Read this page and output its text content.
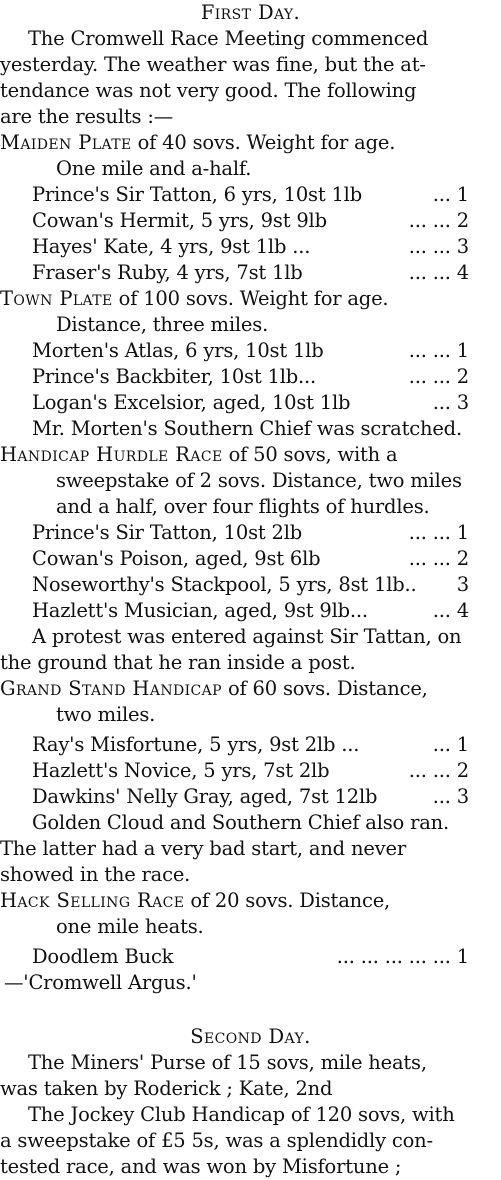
First Day.
The Cromwell Race Meeting commenced
yesterday. The weather was fine, but the at-
tendance was not very good. The following
are the results :—
Maiden Plate of 40 sovs. Weight for age.
One mile and a-half.
Prince's Sir Tatton, 6 yrs, 10st 1lb	... 1
Cowan's Hermit, 5 yrs, 9st 9lb	... ... 2
Hayes' Kate, 4 yrs, 9st 1lb ...	... ... 3
Fraser's Ruby, 4 yrs, 7st 1lb	... ... 4
Town Plate of 100 sovs. Weight for age.
Distance, three miles.
Morten's Atlas, 6 yrs, 10st 1lb	... ... 1
Prince's Backbiter, 10st 1lb...	... ... 2
Logan's Excelsior, aged, 10st 1lb	... 3
Mr. Morten's Southern Chief was scratched.
Handicap Hurdle Race of 50 sovs, with a
sweepstake of 2 sovs. Distance, two miles
and a half, over four flights of hurdles.
Prince's Sir Tatton, 10st 2lb	... ... 1
Cowan's Poison, aged, 9st 6lb	... ... 2
Noseworthy's Stackpool, 5 yrs, 8st 1lb.. 3
Hazlett's Musician, aged, 9st 9lb...	... 4
A protest was entered against Sir Tattan, on
the ground that he ran inside a post.
Grand Stand Handicap of 60 sovs. Distance,
two miles.
Ray's Misfortune, 5 yrs, 9st 2lb ...	... 1
Hazlett's Novice, 5 yrs, 7st 2lb	... ... 2
Dawkins' Nelly Gray, aged, 7st 12lb	... 3
Golden Cloud and Southern Chief also ran.
The latter had a very bad start, and never
showed in the race.
Hack Selling Race of 20 sovs. Distance,
one mile heats.
Doodlem Buck	... ... ... ... ... 1
—'Cromwell Argus.'
Second Day.
The Miners' Purse of 15 sovs, mile heats,
was taken by Roderick ; Kate, 2nd
The Jockey Club Handicap of 120 sovs, with
a sweepstake of £5 5s, was a splendidly con-
tested race, and was won by Misfortune ;
